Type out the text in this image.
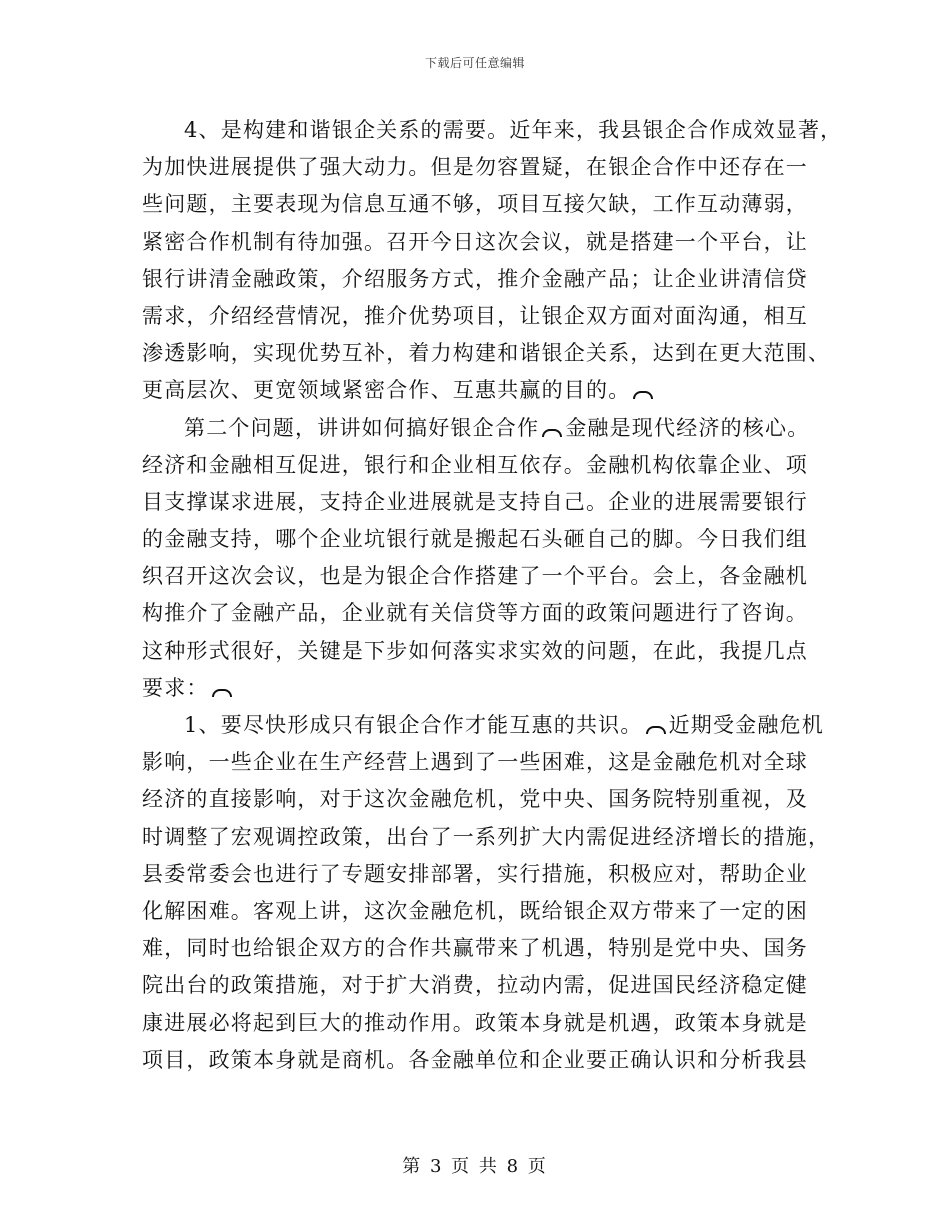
下载后可任意编辑
4、是构建和谐银企关系的需要。近年来，我县银企合作成效显著，
为加快进展提供了强大动力。但是勿容置疑，在银企合作中还存在一
些问题，主要表现为信息互通不够，项目互接欠缺，工作互动薄弱，
紧密合作机制有待加强。召开今日这次会议，就是搭建一个平台，让
银行讲清金融政策，介绍服务方式，推介金融产品；让企业讲清信贷
需求，介绍经营情况，推介优势项目，让银企双方面对面沟通，相互
渗透影响，实现优势互补，着力构建和谐银企关系，达到在更大范围、
更高层次、更宽领域紧密合作、互惠共赢的目的。
第二个问题，讲讲如何搞好银企合作 金融是现代经济的核心。
经济和金融相互促进，银行和企业相互依存。金融机构依靠企业、项
目支撑谋求进展，支持企业进展就是支持自己。企业的进展需要银行
的金融支持，哪个企业坑银行就是搬起石头砸自己的脚。今日我们组
织召开这次会议，也是为银企合作搭建了一个平台。会上，各金融机
构推介了金融产品，企业就有关信贷等方面的政策问题进行了咨询。
这种形式很好，关键是下步如何落实求实效的问题，在此，我提几点
要求：
1、要尽快形成只有银企合作才能互惠的共识。 近期受金融危机
影响，一些企业在生产经营上遇到了一些困难，这是金融危机对全球
经济的直接影响，对于这次金融危机，党中央、国务院特别重视，及
时调整了宏观调控政策，出台了一系列扩大内需促进经济增长的措施，
县委常委会也进行了专题安排部署，实行措施，积极应对，帮助企业
化解困难。客观上讲，这次金融危机，既给银企双方带来了一定的困
难，同时也给银企双方的合作共赢带来了机遇，特别是党中央、国务
院出台的政策措施，对于扩大消费，拉动内需，促进国民经济稳定健
康进展必将起到巨大的推动作用。政策本身就是机遇，政策本身就是
项目，政策本身就是商机。各金融单位和企业要正确认识和分析我县
第 3 页 共 8 页
